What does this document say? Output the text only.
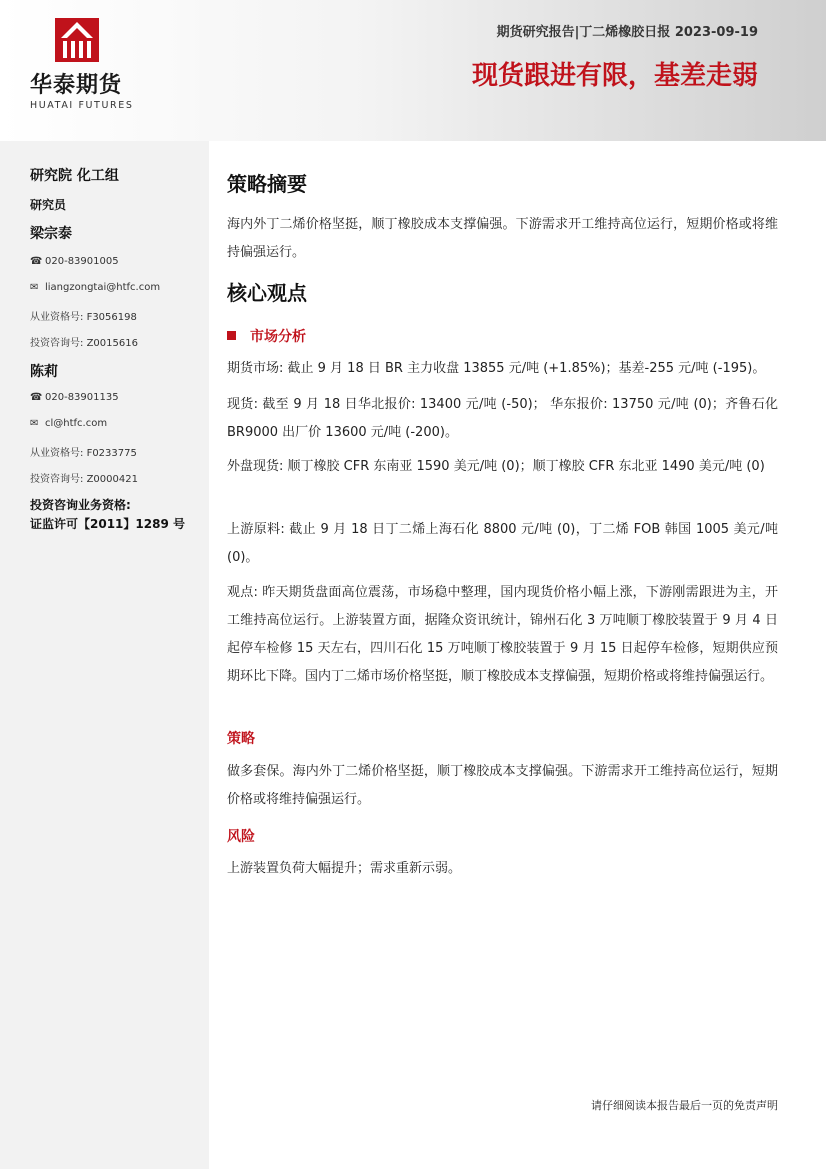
华泰期货
HUATAI FUTURES
期货研究报告|丁二烯橡胶日报 2023-09-19
现货跟进有限，基差走弱
研究院 化工组
研究员
梁宗泰
☎ 020-83901005
✉ liangzongtai@htfc.com
从业资格号: F3056198
投资咨询号: Z0015616
陈莉
☎ 020-83901135
✉ cl@htfc.com
从业资格号: F0233775
投资咨询号: Z0000421
投资咨询业务资格:
证监许可【2011】1289 号
策略摘要
海内外丁二烯价格坚挺，顺丁橡胶成本支撑偏强。下游需求开工维持高位运行，短期价格或将维持偏强运行。
核心观点
市场分析
期货市场: 截止 9 月 18 日 BR 主力收盘 13855 元/吨 (+1.85%)；基差-255 元/吨 (-195)。
现货: 截至 9 月 18 日华北报价: 13400 元/吨 (-50)； 华东报价: 13750 元/吨 (0)；齐鲁石化 BR9000 出厂价 13600 元/吨 (-200)。
外盘现货: 顺丁橡胶 CFR 东南亚 1590 美元/吨 (0)；顺丁橡胶 CFR 东北亚 1490 美元/吨 (0)
上游原料: 截止 9 月 18 日丁二烯上海石化 8800 元/吨 (0)，丁二烯 FOB 韩国 1005 美元/吨 (0)。
观点: 昨天期货盘面高位震荡，市场稳中整理，国内现货价格小幅上涨，下游刚需跟进为主，开工维持高位运行。上游装置方面，据隆众资讯统计，锦州石化 3 万吨顺丁橡胶装置于 9 月 4 日起停车检修 15 天左右，四川石化 15 万吨顺丁橡胶装置于 9 月 15 日起停车检修，短期供应预期环比下降。国内丁二烯市场价格坚挺，顺丁橡胶成本支撑偏强，短期价格或将维持偏强运行。
策略
做多套保。海内外丁二烯价格坚挺，顺丁橡胶成本支撑偏强。下游需求开工维持高位运行，短期价格或将维持偏强运行。
风险
上游装置负荷大幅提升；需求重新示弱。
请仔细阅读本报告最后一页的免责声明
